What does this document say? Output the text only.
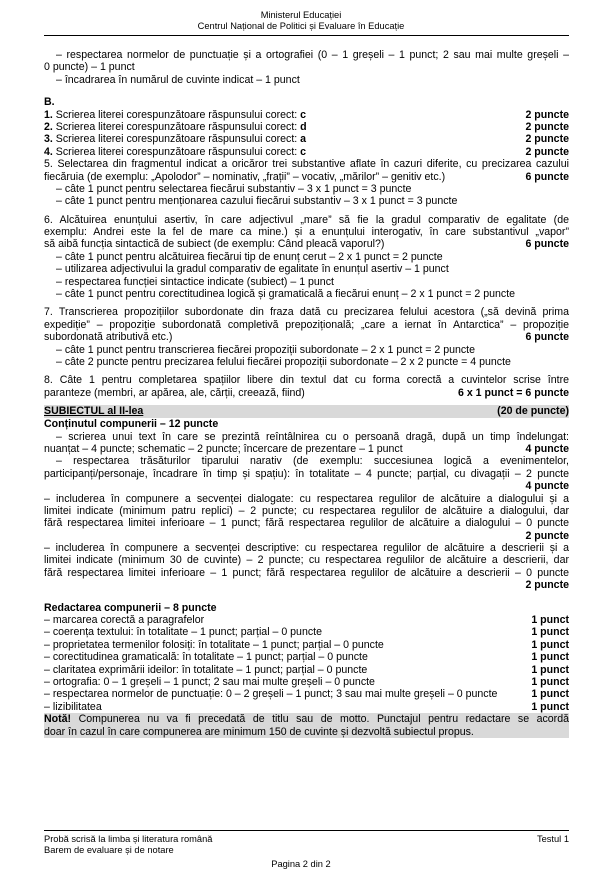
Ministerul Educației
Centrul Național de Politici și Evaluare în Educație
– respectarea normelor de punctuație și a ortografiei (0 – 1 greșeli – 1 punct; 2 sau mai multe greșeli –
0 puncte) – 1 punct
– încadrarea în numărul de cuvinte indicat – 1 punct
B.
1. Scrierea literei corespunzătoare răspunsului corect: c	2 puncte
2. Scrierea literei corespunzătoare răspunsului corect: d	2 puncte
3. Scrierea literei corespunzătoare răspunsului corect: a	2 puncte
4. Scrierea literei corespunzătoare răspunsului corect: c	2 puncte
5. Selectarea din fragmentul indicat a oricăror trei substantive aflate în cazuri diferite, cu precizarea cazului
fiecăruia (de exemplu: „Apolodor” – nominativ, „frații” – vocativ, „mărilor” – genitiv etc.)	6 puncte
– câte 1 punct pentru selectarea fiecărui substantiv – 3 x 1 punct = 3 puncte
– câte 1 punct pentru menționarea cazului fiecărui substantiv – 3 x 1 punct = 3 puncte
6. Alcătuirea enunțului asertiv, în care adjectivul „mare” să fie la gradul comparativ de egalitate (de
exemplu: Andrei este la fel de mare ca mine.) și a enunțului interogativ, în care substantivul „vapor”
să aibă funcția sintactică de subiect (de exemplu: Când pleacă vaporul?)	6 puncte
– câte 1 punct pentru alcătuirea fiecărui tip de enunț cerut – 2 x 1 punct = 2 puncte
– utilizarea adjectivului la gradul comparativ de egalitate în enunțul asertiv – 1 punct
– respectarea funcției sintactice indicate (subiect) – 1 punct
– câte 1 punct pentru corectitudinea logică și gramaticală a fiecărui enunț – 2 x 1 punct = 2 puncte
7. Transcrierea propozițiilor subordonate din fraza dată cu precizarea felului acestora („să devină prima
expediție” – propoziție subordonată completivă prepozițională; „care a iernat în Antarctica” – propoziție
subordonată atributivă etc.)	6 puncte
– câte 1 punct pentru transcrierea fiecărei propoziții subordonate – 2 x 1 punct = 2 puncte
– câte 2 puncte pentru precizarea felului fiecărei propoziții subordonate – 2 x 2 puncte = 4 puncte
8. Câte 1 pentru completarea spațiilor libere din textul dat cu forma corectă a cuvintelor scrise între
paranteze (membri, ar apărea, ale, cărții, creează, fiind)	6 x 1 punct = 6 puncte
SUBIECTUL al II-lea	(20 de puncte)
Conținutul compunerii – 12 puncte
– scrierea unui text în care se prezintă reîntâlnirea cu o persoană dragă, după un timp îndelungat:
nuanțat – 4 puncte; schematic – 2 puncte; încercare de prezentare – 1 punct	4 puncte
– respectarea trăsăturilor tiparului narativ (de exemplu: succesiunea logică a evenimentelor,
participanți/personaje, încadrare în timp și spațiu): în totalitate – 4 puncte; parțial, cu divagații – 2 puncte
4 puncte
– includerea în compunere a secvenței dialogate: cu respectarea regulilor de alcătuire a dialogului și a
limitei indicate (minimum patru replici) – 2 puncte; cu respectarea regulilor de alcătuire a dialogului, dar
fără respectarea limitei inferioare – 1 punct; fără respectarea regulilor de alcătuire a dialogului – 0 puncte
2 puncte
– includerea în compunere a secvenței descriptive: cu respectarea regulilor de alcătuire a descrierii și a
limitei indicate (minimum 30 de cuvinte) – 2 puncte; cu respectarea regulilor de alcătuire a descrierii, dar
fără respectarea limitei inferioare – 1 punct; fără respectarea regulilor de alcătuire a descrierii – 0 puncte
2 puncte
Redactarea compunerii – 8 puncte
– marcarea corectă a paragrafelor	1 punct
– coerența textului: în totalitate – 1 punct; parțial – 0 puncte	1 punct
– proprietatea termenilor folosiți: în totalitate – 1 punct; parțial – 0 puncte	1 punct
– corectitudinea gramaticală: în totalitate – 1 punct; parțial – 0 puncte	1 punct
– claritatea exprimării ideilor: în totalitate – 1 punct; parțial – 0 puncte	1 punct
– ortografia: 0 – 1 greșeli – 1 punct; 2 sau mai multe greșeli – 0 puncte	1 punct
– respectarea normelor de punctuație: 0 – 2 greșeli – 1 punct; 3 sau mai multe greșeli – 0 puncte	1 punct
– lizibilitatea	1 punct
Notă! Compunerea nu va fi precedată de titlu sau de motto. Punctajul pentru redactare se acordă
doar în cazul în care compunerea are minimum 150 de cuvinte și dezvoltă subiectul propus.
Probă scrisă la limba și literatura română	Testul 1
Barem de evaluare și de notare
Pagina 2 din 2
